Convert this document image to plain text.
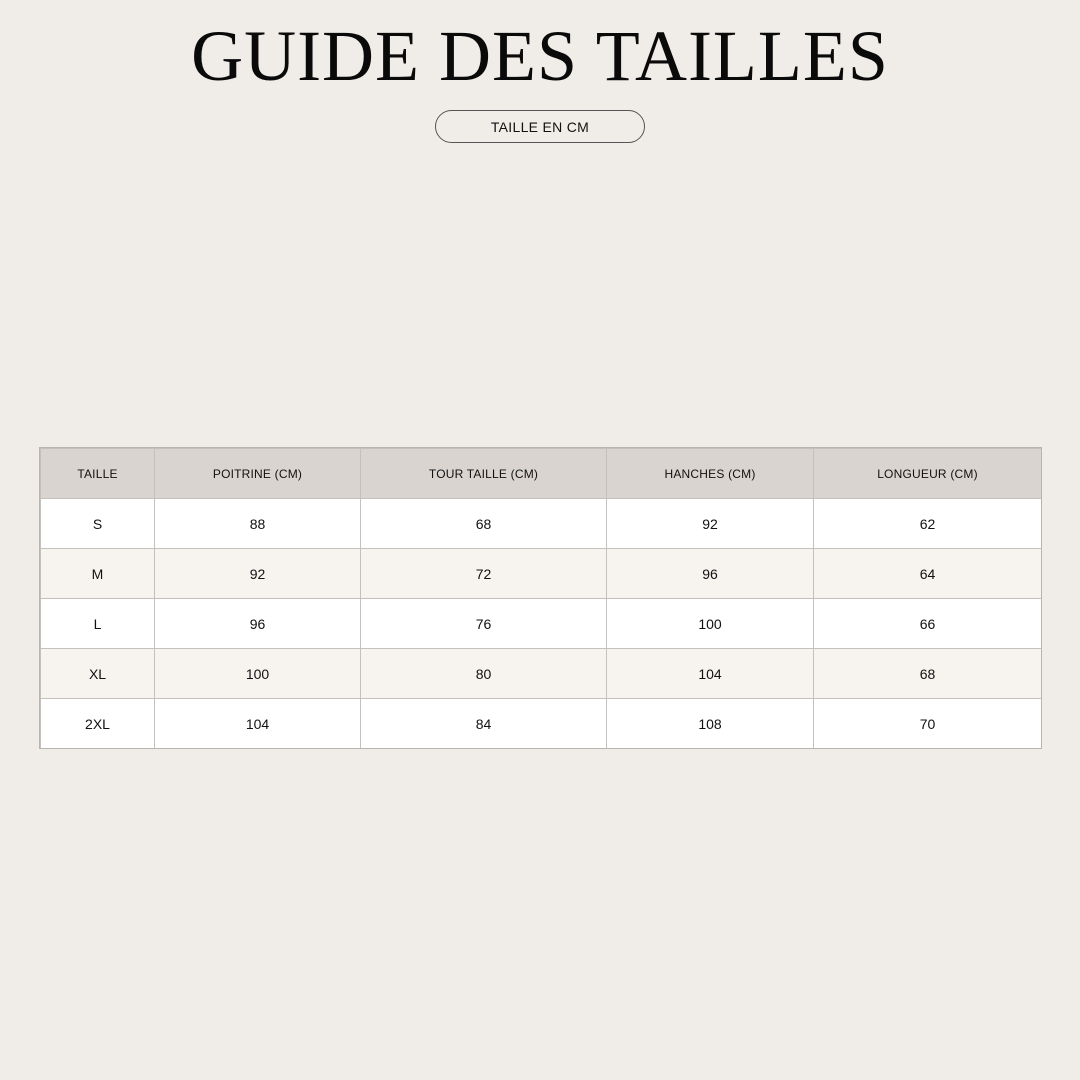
GUIDE DES TAILLES
TAILLE EN CM
TAILLE	POITRINE (CM)	TOUR TAILLE (CM)	HANCHES (CM)	LONGUEUR (CM)
S	88	68	92	62
M	92	72	96	64
L	96	76	100	66
XL	100	80	104	68
2XL	104	84	108	70
